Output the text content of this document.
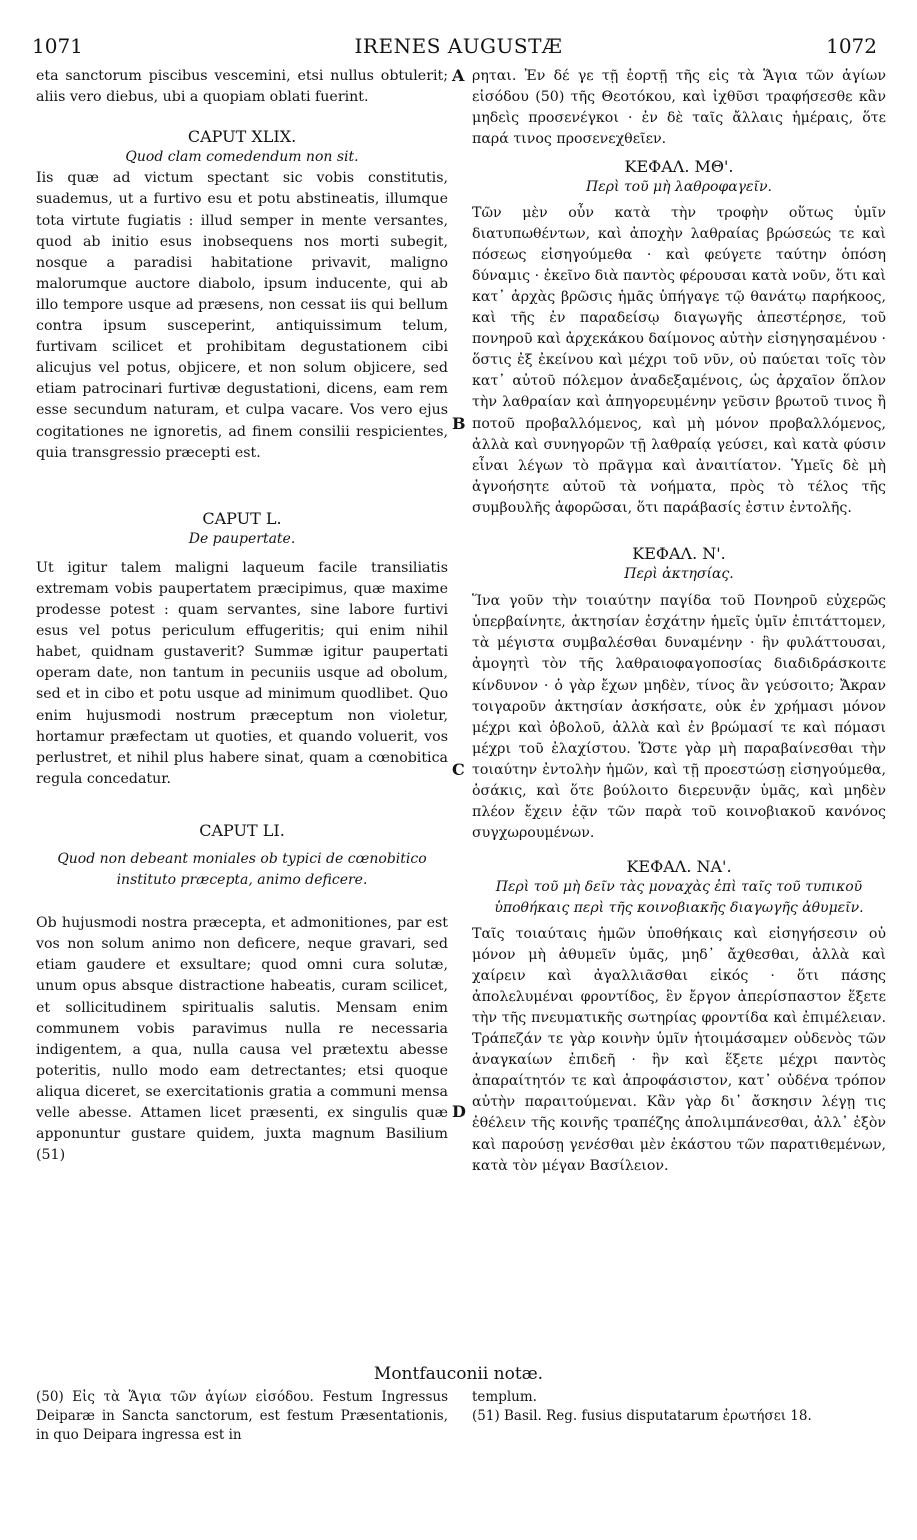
1071	IRENES AUGUSTÆ	1072

eta sanctorum piscibus vescemini, etsi nullus obtulerit; aliis vero diebus, ubi a quopiam oblati fuerint.

CAPUT XLIX.

Quod clam comedendum non sit.

Iis quæ ad victum spectant sic vobis constitutis, suademus, ut a furtivo esu et potu abstineatis, illumque tota virtute fugiatis : illud semper in mente versantes, quod ab initio esus inobsequens nos morti subegit, nosque a paradisi habitatione privavit, maligno malorumque auctore diabolo, ipsum inducente, qui ab illo tempore usque ad præsens, non cessat iis qui bellum contra ipsum susceperint, antiquissimum telum, furtivam scilicet et prohibitam degustationem cibi alicujus vel potus, objicere, et non solum objicere, sed etiam patrocinari furtivæ degustationi, dicens, eam rem esse secundum naturam, et culpa vacare. Vos vero ejus cogitationes ne ignoretis, ad finem consilii respicientes, quia transgressio præcepti est.

CAPUT L.

De paupertate.

Ut igitur talem maligni laqueum facile transiliatis extremam vobis paupertatem præcipimus, quæ maxime prodesse potest : quam servantes, sine labore furtivi esus vel potus periculum effugeritis; qui enim nihil habet, quidnam gustaverit? Summæ igitur paupertati operam date, non tantum in pecuniis usque ad obolum, sed et in cibo et potu usque ad minimum quodlibet. Quo enim hujusmodi nostrum præceptum non violetur, hortamur præfectam ut quoties, et quando voluerit, vos perlustret, et nihil plus habere sinat, quam a cœnobitica regula concedatur.

CAPUT LI.

Quod non debeant moniales ob typici de cœnobitico instituto præcepta, animo deficere.

Ob hujusmodi nostra præcepta, et admonitiones, par est vos non solum animo non deficere, neque gravari, sed etiam gaudere et exsultare; quod omni cura solutæ, unum opus absque distractione habeatis, curam scilicet, et sollicitudinem spiritualis salutis. Mensam enim communem vobis paravimus nulla re necessaria indigentem, a qua, nulla causa vel prætextu abesse poteritis, nullo modo eam detrectantes; etsi quoque aliqua diceret, se exercitationis gratia a communi mensa velle abesse. Attamen licet præsenti, ex singulis quæ apponuntur gustare quidem, juxta magnum Basilium (51)

ρηται. Ἐν δέ γε τῇ ἑορτῇ τῆς εἰς τὰ Ἅγια τῶν ἁγίων εἰσόδου (50) τῆς Θεοτόκου, καὶ ἰχθῦσι τραφήσεσθε κἂν μηδεὶς προσενέγκοι · ἐν δὲ ταῖς ἄλλαις ἡμέραις, ὅτε παρά τινος προσενεχθεῖεν.

ΚΕΦΑΛ. ΜΘ'.

Περὶ τοῦ μὴ λαθροφαγεῖν.

Τῶν μὲν οὖν κατὰ τὴν τροφὴν οὕτως ὑμῖν διατυπωθέντων, καὶ ἀποχὴν λαθραίας βρώσεώς τε καὶ πόσεως εἰσηγούμεθα · καὶ φεύγετε ταύτην ὁπόση δύναμις · ἐκεῖνο διὰ παντὸς φέρουσαι κατὰ νοῦν, ὅτι καὶ κατ᾽ ἀρχὰς βρῶσις ἡμᾶς ὑπήγαγε τῷ θανάτῳ παρήκοος, καὶ τῆς ἐν παραδείσῳ διαγωγῆς ἀπεστέρησε, τοῦ πονηροῦ καὶ ἀρχεκάκου δαίμονος αὐτὴν εἰσηγησαμένου · ὅστις ἐξ ἐκείνου καὶ μέχρι τοῦ νῦν, οὐ παύεται τοῖς τὸν κατ᾽ αὐτοῦ πόλεμον ἀναδεξαμένοις, ὡς ἀρχαῖον ὅπλον τὴν λαθραίαν καὶ ἀπηγορευμένην γεῦσιν βρωτοῦ τινος ἢ ποτοῦ προβαλλόμενος, καὶ μὴ μόνον προβαλλόμενος, ἀλλὰ καὶ συνηγορῶν τῇ λαθραίᾳ γεύσει, καὶ κατὰ φύσιν εἶναι λέγων τὸ πρᾶγμα καὶ ἀναιτίατον. Ὑμεῖς δὲ μὴ ἀγνοήσητε αὐτοῦ τὰ νοήματα, πρὸς τὸ τέλος τῆς συμβουλῆς ἀφορῶσαι, ὅτι παράβασίς ἐστιν ἐντολῆς.

ΚΕΦΑΛ. Ν'.

Περὶ ἀκτησίας.

Ἵνα γοῦν τὴν τοιαύτην παγίδα τοῦ Πονηροῦ εὐχερῶς ὑπερβαίνητε, ἀκτησίαν ἐσχάτην ἡμεῖς ὑμῖν ἐπιτάττομεν, τὰ μέγιστα συμβαλέσθαι δυναμένην · ἣν φυλάττουσαι, ἀμογητὶ τὸν τῆς λαθραιοφαγοποσίας διαδιδράσκοιτε κίνδυνον · ὁ γὰρ ἔχων μηδὲν, τίνος ἂν γεύσοιτο; Ἄκραν τοιγαροῦν ἀκτησίαν ἀσκήσατε, οὐκ ἐν χρήμασι μόνον μέχρι καὶ ὀβολοῦ, ἀλλὰ καὶ ἐν βρώμασί τε καὶ πόμασι μέχρι τοῦ ἐλαχίστου. Ὥστε γὰρ μὴ παραβαίνεσθαι τὴν τοιαύτην ἐντολὴν ἡμῶν, καὶ τῇ προεστώσῃ εἰσηγούμεθα, ὁσάκις, καὶ ὅτε βούλοιτο διερευνᾷν ὑμᾶς, καὶ μηδὲν πλέον ἔχειν ἐᾷν τῶν παρὰ τοῦ κοινοβιακοῦ κανόνος συγχωρουμένων.

ΚΕΦΑΛ. ΝΑ'.

Περὶ τοῦ μὴ δεῖν τὰς μοναχὰς ἐπὶ ταῖς τοῦ τυπικοῦ ὑποθήκαις περὶ τῆς κοινοβιακῆς διαγωγῆς ἀθυμεῖν.

Ταῖς τοιαύταις ἡμῶν ὑποθήκαις καὶ εἰσηγήσεσιν οὐ μόνον μὴ ἀθυμεῖν ὑμᾶς, μηδ᾽ ἄχθεσθαι, ἀλλὰ καὶ χαίρειν καὶ ἀγαλλιᾶσθαι εἰκός · ὅτι πάσης ἀπολελυμέναι φροντίδος, ἓν ἔργον ἀπερίσπαστον ἕξετε τὴν τῆς πνευματικῆς σωτηρίας φροντίδα καὶ ἐπιμέλειαν. Τράπεζάν τε γὰρ κοινὴν ὑμῖν ἡτοιμάσαμεν οὐδενὸς τῶν ἀναγκαίων ἐπιδεῆ · ἣν καὶ ἕξετε μέχρι παντὸς ἀπαραίτητόν τε καὶ ἀπροφάσιστον, κατ᾽ οὐδένα τρόπον αὐτὴν παραιτούμεναι. Κἂν γὰρ δι᾽ ἄσκησιν λέγῃ τις ἐθέλειν τῆς κοινῆς τραπέζης ἀπολιμπάνεσθαι, ἀλλ᾽ ἐξὸν καὶ παρούσῃ γενέσθαι μὲν ἑκάστου τῶν παρατιθεμένων, κατὰ τὸν μέγαν Βασίλειον.

A
B
C
D
Montfauconii notæ.

(50) Εἰς τὰ Ἅγια τῶν ἁγίων εἰσόδου. Festum Ingressus Deiparæ in Sancta sanctorum, est festum Præsentationis, in quo Deipara ingressa est in

templum.

(51) Basil. Reg. fusius disputatarum ἐρωτήσει 18.
